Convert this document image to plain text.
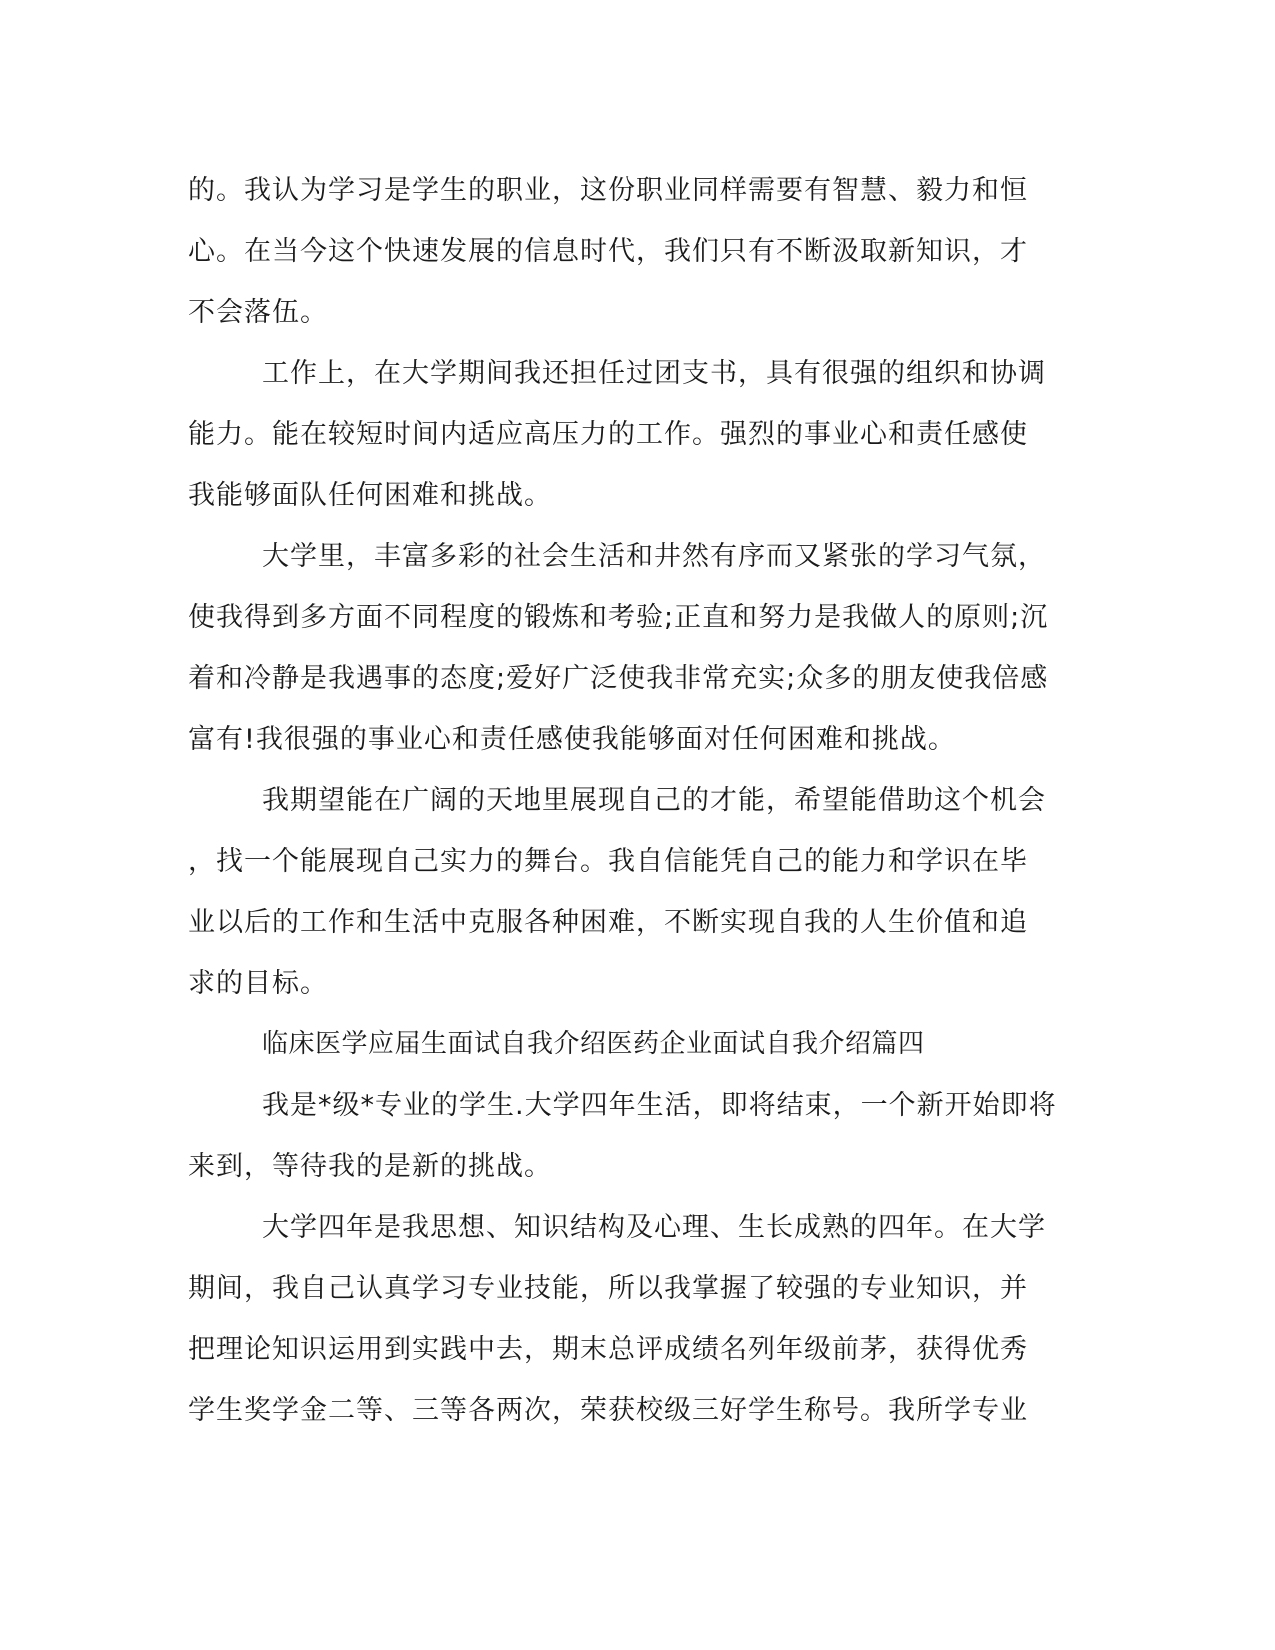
的。我认为学习是学生的职业，这份职业同样需要有智慧、毅力和恒
心。在当今这个快速发展的信息时代，我们只有不断汲取新知识，才
不会落伍。
工作上，在大学期间我还担任过团支书，具有很强的组织和协调
能力。能在较短时间内适应高压力的工作。强烈的事业心和责任感使
我能够面队任何困难和挑战。
大学里，丰富多彩的社会生活和井然有序而又紧张的学习气氛，
使我得到多方面不同程度的锻炼和考验;正直和努力是我做人的原则;沉
着和冷静是我遇事的态度;爱好广泛使我非常充实;众多的朋友使我倍感
富有!我很强的事业心和责任感使我能够面对任何困难和挑战。
我期望能在广阔的天地里展现自己的才能，希望能借助这个机会
，找一个能展现自己实力的舞台。我自信能凭自己的能力和学识在毕
业以后的工作和生活中克服各种困难，不断实现自我的人生价值和追
求的目标。
临床医学应届生面试自我介绍医药企业面试自我介绍篇四
我是*级*专业的学生.大学四年生活，即将结束，一个新开始即将
来到，等待我的是新的挑战。
大学四年是我思想、知识结构及心理、生长成熟的四年。在大学
期间，我自己认真学习专业技能，所以我掌握了较强的专业知识，并
把理论知识运用到实践中去，期末总评成绩名列年级前茅，获得优秀
学生奖学金二等、三等各两次，荣获校级三好学生称号。我所学专业
